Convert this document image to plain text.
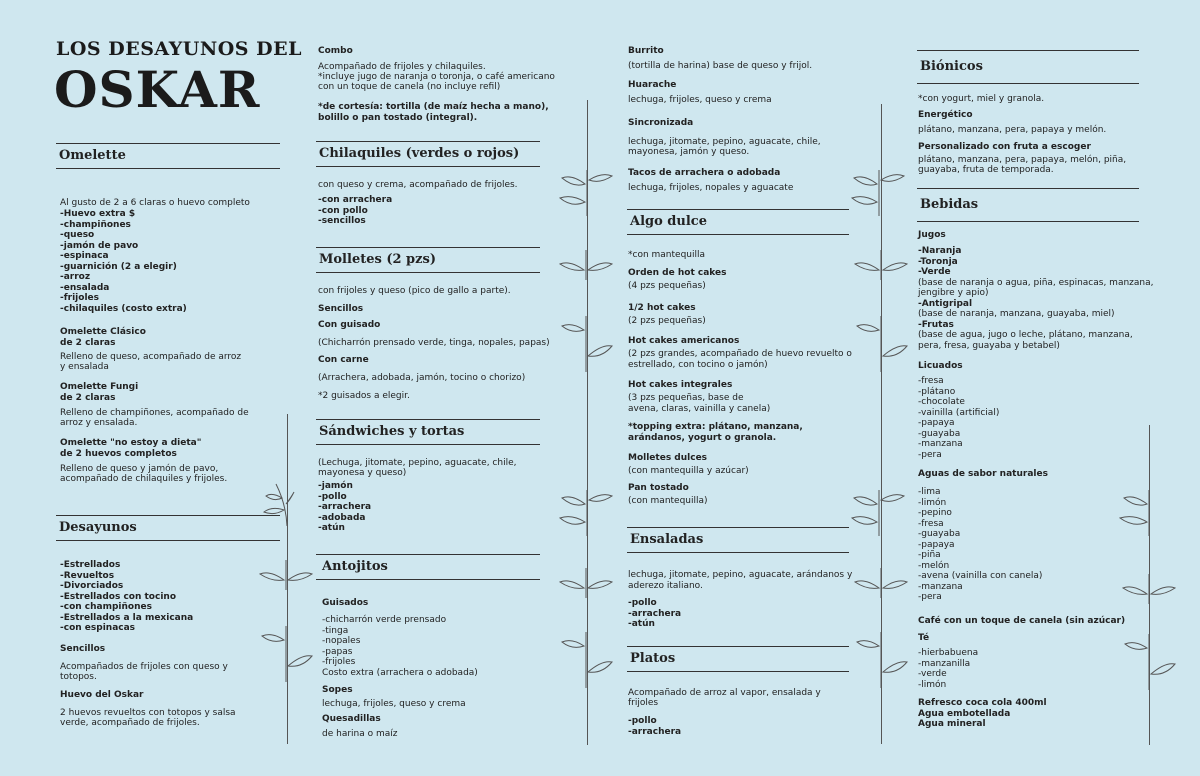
LOS DESAYUNOS DEL
OSKAR
Omelette
Al gusto de 2 a 6 claras o huevo completo
-Huevo extra $
-champiñones
-queso
-jamón de pavo
-espinaca
-guarnición (2 a elegir)
-arroz
-ensalada
-frijoles
-chilaquiles (costo extra)
Omelette Clásico
de 2 claras
Relleno de queso, acompañado de arroz
y ensalada
Omelette Fungi
de 2 claras
Relleno de champiñones, acompañado de
arroz y ensalada.
Omelette "no estoy a dieta"
de 2 huevos completos
Relleno de queso y jamón de pavo,
acompañado de chilaquiles y frijoles.
Desayunos
-Estrellados
-Revueltos
-Divorciados
-Estrellados con tocino
-con champiñones
-Estrellados a la mexicana
-con espinacas
Sencillos
Acompañados de frijoles con queso y
totopos.
Huevo del Oskar
2 huevos revueltos con totopos y salsa
verde, acompañado de frijoles.
Combo
Acompañado de frijoles y chilaquiles.
*incluye jugo de naranja o toronja, o café americano
con un toque de canela (no incluye refil)
*de cortesía: tortilla (de maíz hecha a mano),
bolillo o pan tostado (integral).
Chilaquiles (verdes o rojos)
con queso y crema, acompañado de frijoles.
-con arrachera
-con pollo
-sencillos
Molletes (2 pzs)
con frijoles y queso (pico de gallo a parte).
Sencillos
Con guisado
(Chicharrón prensado verde, tinga, nopales, papas)
Con carne
(Arrachera, adobada, jamón, tocino o chorizo)
*2 guisados a elegir.
Sándwiches y tortas
(Lechuga, jitomate, pepino, aguacate, chile,
mayonesa y queso)
-jamón
-pollo
-arrachera
-adobada
-atún
Antojitos
Guisados
-chicharrón verde prensado
-tinga
-nopales
-papas
-frijoles
Costo extra (arrachera o adobada)
Sopes
lechuga, frijoles, queso y crema
Quesadillas
de harina o maíz
Burrito
(tortilla de harina) base de queso y frijol.
Huarache
lechuga, frijoles, queso y crema
Sincronizada
lechuga, jitomate, pepino, aguacate, chile,
mayonesa, jamón y queso.
Tacos de arrachera o adobada
lechuga, frijoles, nopales y aguacate
Algo dulce
*con mantequilla
Orden de hot cakes
(4 pzs pequeñas)
1/2 hot cakes
(2 pzs pequeñas)
Hot cakes americanos
(2 pzs grandes, acompañado de huevo revuelto o
estrellado, con tocino o jamón)
Hot cakes integrales
(3 pzs pequeñas, base de
avena, claras, vainilla y canela)
*topping extra: plátano, manzana,
arándanos, yogurt o granola.
Molletes dulces
(con mantequilla y azúcar)
Pan tostado
(con mantequilla)
Ensaladas
lechuga, jitomate, pepino, aguacate, arándanos y
aderezo italiano.
-pollo
-arrachera
-atún
Platos
Acompañado de arroz al vapor, ensalada y
frijoles
-pollo
-arrachera
Biónicos
*con yogurt, miel y granola.
Energético
plátano, manzana, pera, papaya y melón.
Personalizado con fruta a escoger
plátano, manzana, pera, papaya, melón, piña,
guayaba, fruta de temporada.
Bebidas
Jugos
-Naranja
-Toronja
-Verde
(base de naranja o agua, piña, espinacas, manzana,
jengibre y apio)
-Antigripal
(base de naranja, manzana, guayaba, miel)
-Frutas
(base de agua, jugo o leche, plátano, manzana,
pera, fresa, guayaba y betabel)
Licuados
-fresa
-plátano
-chocolate
-vainilla (artificial)
-papaya
-guayaba
-manzana
-pera
Aguas de sabor naturales
-lima
-limón
-pepino
-fresa
-guayaba
-papaya
-piña
-melón
-avena (vainilla con canela)
-manzana
-pera
Café con un toque de canela (sin azúcar)
Té
-hierbabuena
-manzanilla
-verde
-limón
Refresco coca cola 400ml
Agua embotellada
Agua mineral
